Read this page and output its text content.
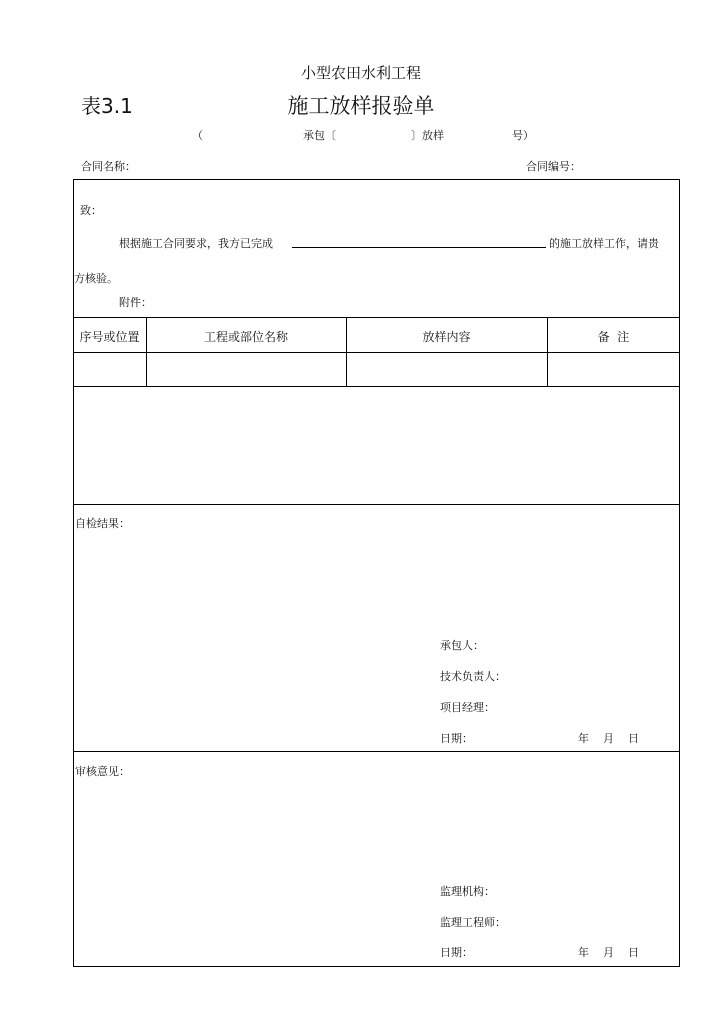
小型农田水利工程
表3.1	施工放样报验单
（	承包〔	〕放样	号）
合同名称：	合同编号：
致：
根据施工合同要求，我方已完成	的施工放样工作，请贵
方核验。
附件：
序号或位置	工程或部位名称	放样内容	备  注
自检结果：
承包人：
技术负责人：
项目经理：
日期：	年    月    日
审核意见：
监理机构：
监理工程师：
日期：	年    月    日
